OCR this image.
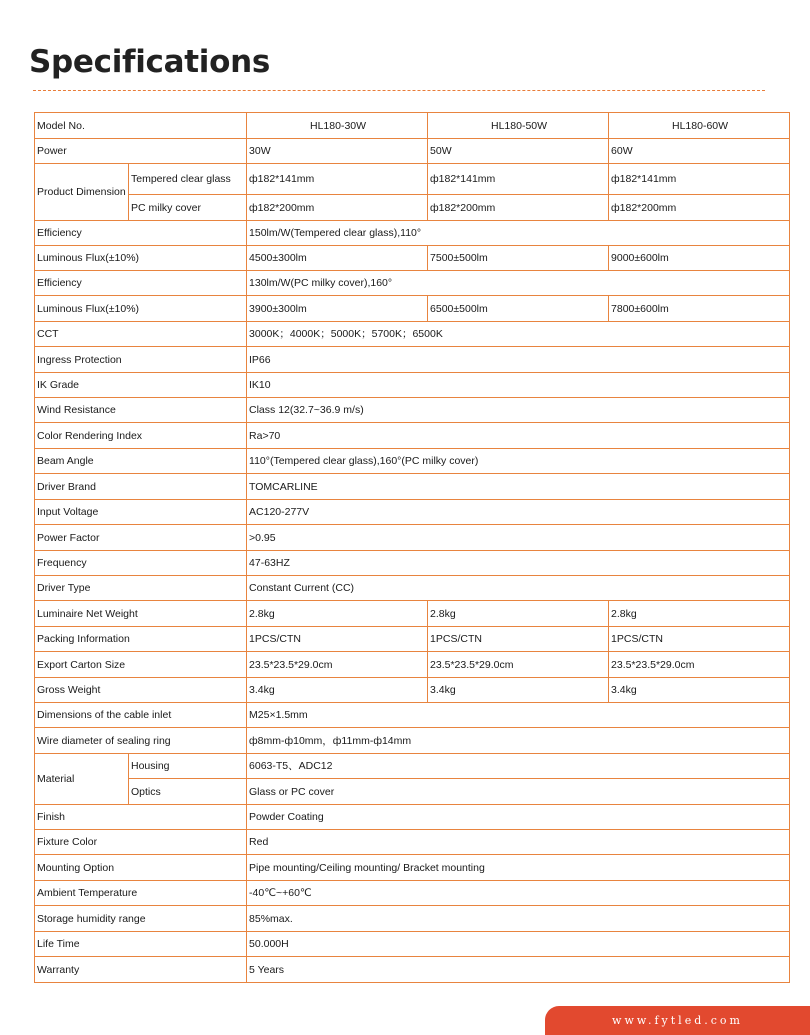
Specifications
Model No.		HL180-30W	HL180-50W	HL180-60W
Power		30W	50W	60W
Product Dimension	Tempered clear glass	ф182*141mm	ф182*141mm	ф182*141mm
	PC milky cover	ф182*200mm	ф182*200mm	ф182*200mm
Efficiency		150lm/W(Tempered clear glass),110°		
Luminous Flux(±10%)		4500±300lm	7500±500lm	9000±600lm
Efficiency		130lm/W(PC milky cover),160°		
Luminous Flux(±10%)		3900±300lm	6500±500lm	7800±600lm
CCT		3000K；4000K；5000K；5700K；6500K		
Ingress Protection		IP66		
IK Grade		IK10		
Wind Resistance		Class 12(32.7~36.9 m/s)		
Color Rendering Index		Ra>70		
Beam Angle		110°(Tempered clear glass),160°(PC milky cover)		
Driver Brand		TOMCARLINE		
Input Voltage		AC120-277V		
Power Factor		>0.95		
Frequency		47-63HZ		
Driver Type		Constant Current (CC)		
Luminaire Net Weight		2.8kg	2.8kg	2.8kg
Packing Information		1PCS/CTN	1PCS/CTN	1PCS/CTN
Export Carton Size		23.5*23.5*29.0cm	23.5*23.5*29.0cm	23.5*23.5*29.0cm
Gross Weight		3.4kg	3.4kg	3.4kg
Dimensions of the cable inlet		M25×1.5mm		
Wire diameter of sealing ring		ф8mm-ф10mm，ф11mm-ф14mm		
Material	Housing	6063-T5、ADC12		
	Optics	Glass or PC cover		
Finish		Powder Coating		
Fixture Color		Red		
Mounting Option		Pipe mounting/Ceiling mounting/ Bracket mounting		
Ambient Temperature		-40℃~+60℃		
Storage humidity range		85%max.		
Life Time		50.000H		
Warranty		5 Years		
www.fytled.com
